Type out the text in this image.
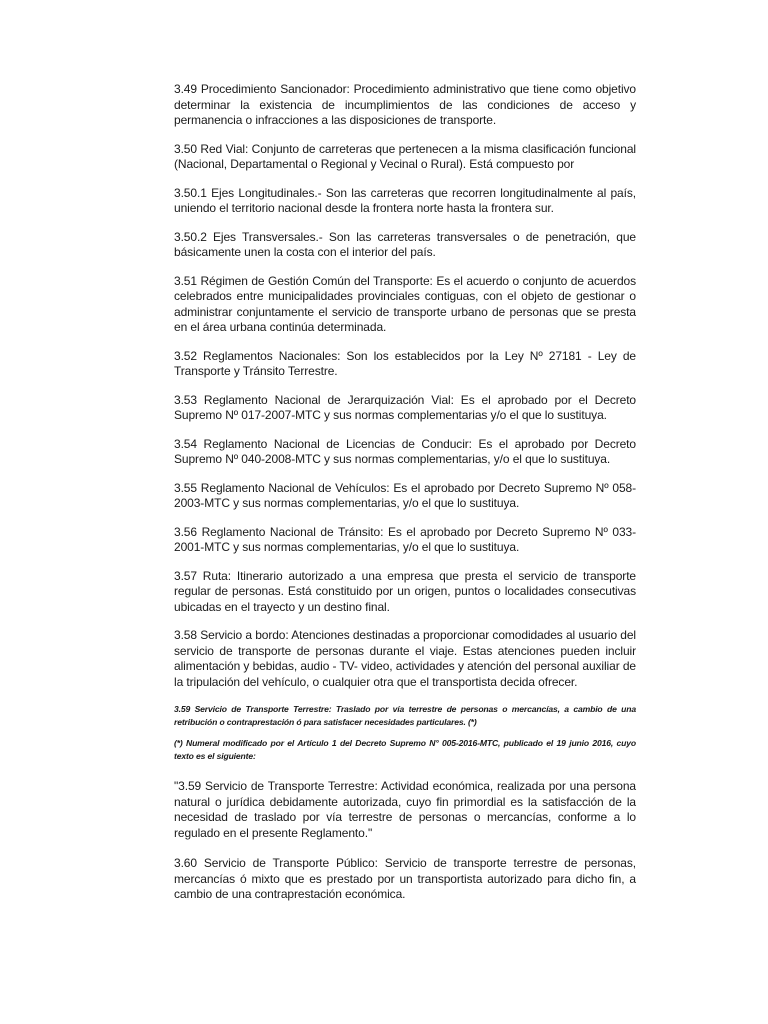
3.49 Procedimiento Sancionador: Procedimiento administrativo que tiene como objetivo determinar la existencia de incumplimientos de las condiciones de acceso y permanencia o infracciones a las disposiciones de transporte.

3.50 Red Vial: Conjunto de carreteras que pertenecen a la misma clasificación funcional (Nacional, Departamental o Regional y Vecinal o Rural). Está compuesto por

3.50.1 Ejes Longitudinales.- Son las carreteras que recorren longitudinalmente al país, uniendo el territorio nacional desde la frontera norte hasta la frontera sur.

3.50.2 Ejes Transversales.- Son las carreteras transversales o de penetración, que básicamente unen la costa con el interior del país.

3.51 Régimen de Gestión Común del Transporte: Es el acuerdo o conjunto de acuerdos celebrados entre municipalidades provinciales contiguas, con el objeto de gestionar o administrar conjuntamente el servicio de transporte urbano de personas que se presta en el área urbana continúa determinada.

3.52 Reglamentos Nacionales: Son los establecidos por la Ley Nº 27181 - Ley de Transporte y Tránsito Terrestre.

3.53 Reglamento Nacional de Jerarquización Vial: Es el aprobado por el Decreto Supremo Nº 017-2007-MTC y sus normas complementarias y/o el que lo sustituya.

3.54 Reglamento Nacional de Licencias de Conducir: Es el aprobado por Decreto Supremo Nº 040-2008-MTC y sus normas complementarias, y/o el que lo sustituya.

3.55 Reglamento Nacional de Vehículos: Es el aprobado por Decreto Supremo Nº 058-2003-MTC y sus normas complementarias, y/o el que lo sustituya.

3.56 Reglamento Nacional de Tránsito: Es el aprobado por Decreto Supremo Nº 033-2001-MTC y sus normas complementarias, y/o el que lo sustituya.

3.57 Ruta: Itinerario autorizado a una empresa que presta el servicio de transporte regular de personas. Está constituido por un origen, puntos o localidades consecutivas ubicadas en el trayecto y un destino final.

3.58 Servicio a bordo: Atenciones destinadas a proporcionar comodidades al usuario del servicio de transporte de personas durante el viaje. Estas atenciones pueden incluir alimentación y bebidas, audio - TV- video, actividades y atención del personal auxiliar de la tripulación del vehículo, o cualquier otra que el transportista decida ofrecer.

3.59 Servicio de Transporte Terrestre: Traslado por vía terrestre de personas o mercancías, a cambio de una retribución o contraprestación ó para satisfacer necesidades particulares. (*)

(*) Numeral modificado por el Artículo 1 del Decreto Supremo N° 005-2016-MTC, publicado el 19 junio 2016, cuyo texto es el siguiente:

"3.59 Servicio de Transporte Terrestre: Actividad económica, realizada por una persona natural o jurídica debidamente autorizada, cuyo fin primordial es la satisfacción de la necesidad de traslado por vía terrestre de personas o mercancías, conforme a lo regulado en el presente Reglamento."

3.60 Servicio de Transporte Público: Servicio de transporte terrestre de personas, mercancías ó mixto que es prestado por un transportista autorizado para dicho fin, a cambio de una contraprestación económica.
